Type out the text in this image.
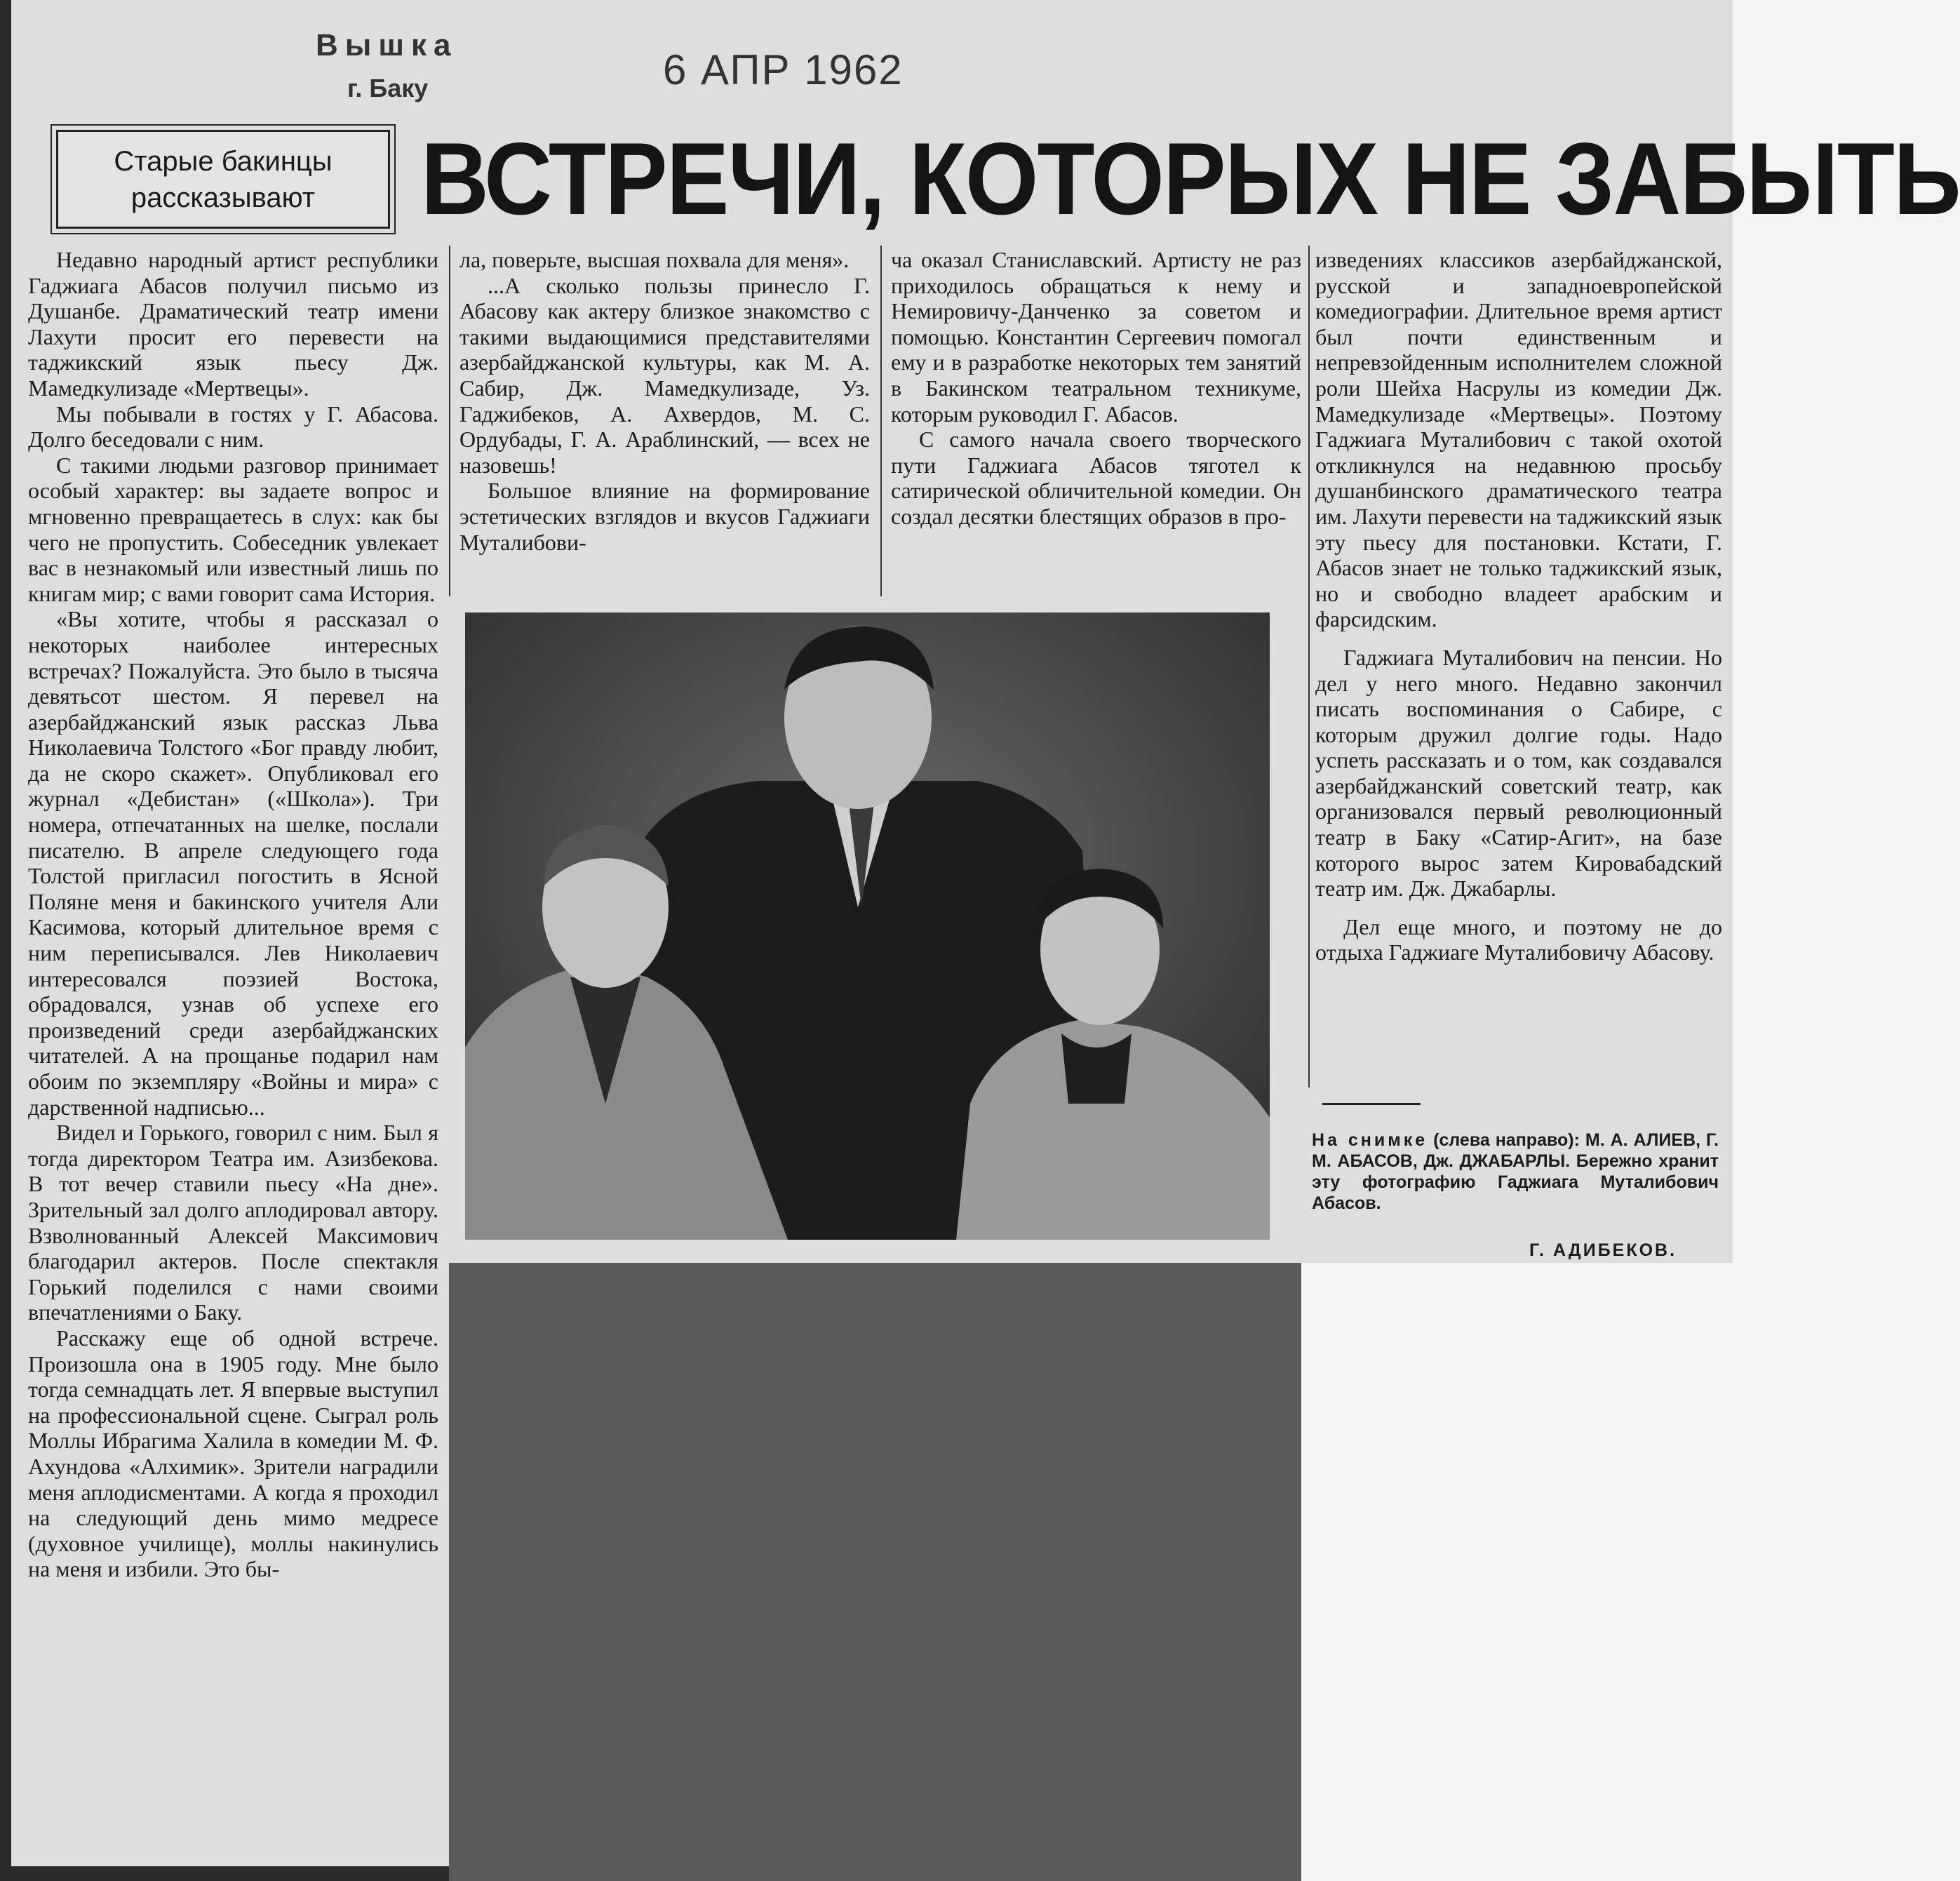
Вышка
г. Баку	6 АПР 1962
Старые бакинцы
рассказывают ВСТРЕЧИ, КОТОРЫХ НЕ ЗАБЫТЬ

Недавно народный артист республики Гаджиага Абасов получил письмо из Душанбе. Драматический театр имени Лахути просит его перевести на таджикский язык пьесу Дж. Мамедкулизаде «Мертвецы».

Мы побывали в гостях у Г. Абасова. Долго беседовали с ним.

С такими людьми разговор принимает особый характер: вы задаете вопрос и мгновенно превращаетесь в слух: как бы чего не пропустить. Собеседник увлекает вас в незнакомый или известный лишь по книгам мир; с вами говорит сама История.

«Вы хотите, чтобы я рассказал о некоторых наиболее интересных встречах? Пожалуйста. Это было в тысяча девятьсот шестом. Я перевел на азербайджанский язык рассказ Льва Николаевича Толстого «Бог правду любит, да не скоро скажет». Опубликовал его журнал «Дебистан» («Школа»). Три номера, отпечатанных на шелке, послали писателю. В апреле следующего года Толстой пригласил погостить в Ясной Поляне меня и бакинского учителя Али Касимова, который длительное время с ним переписывался. Лев Николаевич интересовался поэзией Востока, обрадовался, узнав об успехе его произведений среди азербайджанских читателей. А на прощанье подарил нам обоим по экземпляру «Войны и мира» с дарственной надписью...

Видел и Горького, говорил с ним. Был я тогда директором Театра им. Азизбекова. В тот вечер ставили пьесу «На дне». Зрительный зал долго аплодировал автору. Взволнованный Алексей Максимович благодарил актеров. После спектакля Горький поделился с нами своими впечатлениями о Баку.

Расскажу еще об одной встрече. Произошла она в 1905 году. Мне было тогда семнадцать лет. Я впервые выступил на профессиональной сцене. Сыграл роль Моллы Ибрагима Халила в комедии М. Ф. Ахундова «Алхимик». Зрители наградили меня аплодисментами. А когда я проходил на следующий день мимо медресе (духовное училище), моллы накинулись на меня и избили. Это бы-

ла, поверьте, высшая похвала для меня».

...А сколько пользы принесло Г. Абасову как актеру близкое знакомство с такими выдающимися представителями азербайджанской культуры, как М. А. Сабир, Дж. Мамедкулизаде, Уз. Гаджибеков, А. Ахвердов, М. С. Ордубады, Г. А. Араблинский, — всех не назовешь!

Большое влияние на формирование эстетических взглядов и вкусов Гаджиаги Муталибови-

ча оказал Станиславский. Артисту не раз приходилось обращаться к нему и Немировичу-Данченко за советом и помощью. Константин Сергеевич помогал ему и в разработке некоторых тем занятий в Бакинском театральном техникуме, которым руководил Г. Абасов.

С самого начала своего творческого пути Гаджиага Абасов тяготел к сатирической обличительной комедии. Он создал десятки блестящих образов в про-

изведениях классиков азербайджанской, русской и западноевропейской комедиографии. Длительное время артист был почти единственным и непревзойденным исполнителем сложной роли Шейха Насрулы из комедии Дж. Мамедкулизаде «Мертвецы». Поэтому Гаджиага Муталибович с такой охотой откликнулся на недавнюю просьбу душанбинского драматического театра им. Лахути перевести на таджикский язык эту пьесу для постановки. Кстати, Г. Абасов знает не только таджикский язык, но и свободно владеет арабским и фарсидским.

Гаджиага Муталибович на пенсии. Но дел у него много. Недавно закончил писать воспоминания о Сабире, с которым дружил долгие годы. Надо успеть рассказать и о том, как создавался азербайджанский советский театр, как организовался первый революционный театр в Баку «Сатир-Агит», на базе которого вырос затем Кировабадский театр им. Дж. Джабарлы.

Дел еще много, и поэтому не до отдыха Гаджиаге Муталибовичу Абасову.

На снимке (слева направо): М. А. АЛИЕВ, Г. М. АБАСОВ, Дж. ДЖАБАРЛЫ. Бережно хранит эту фотографию Гаджиага Муталибович Абасов.
Г. АДИБЕКОВ.
